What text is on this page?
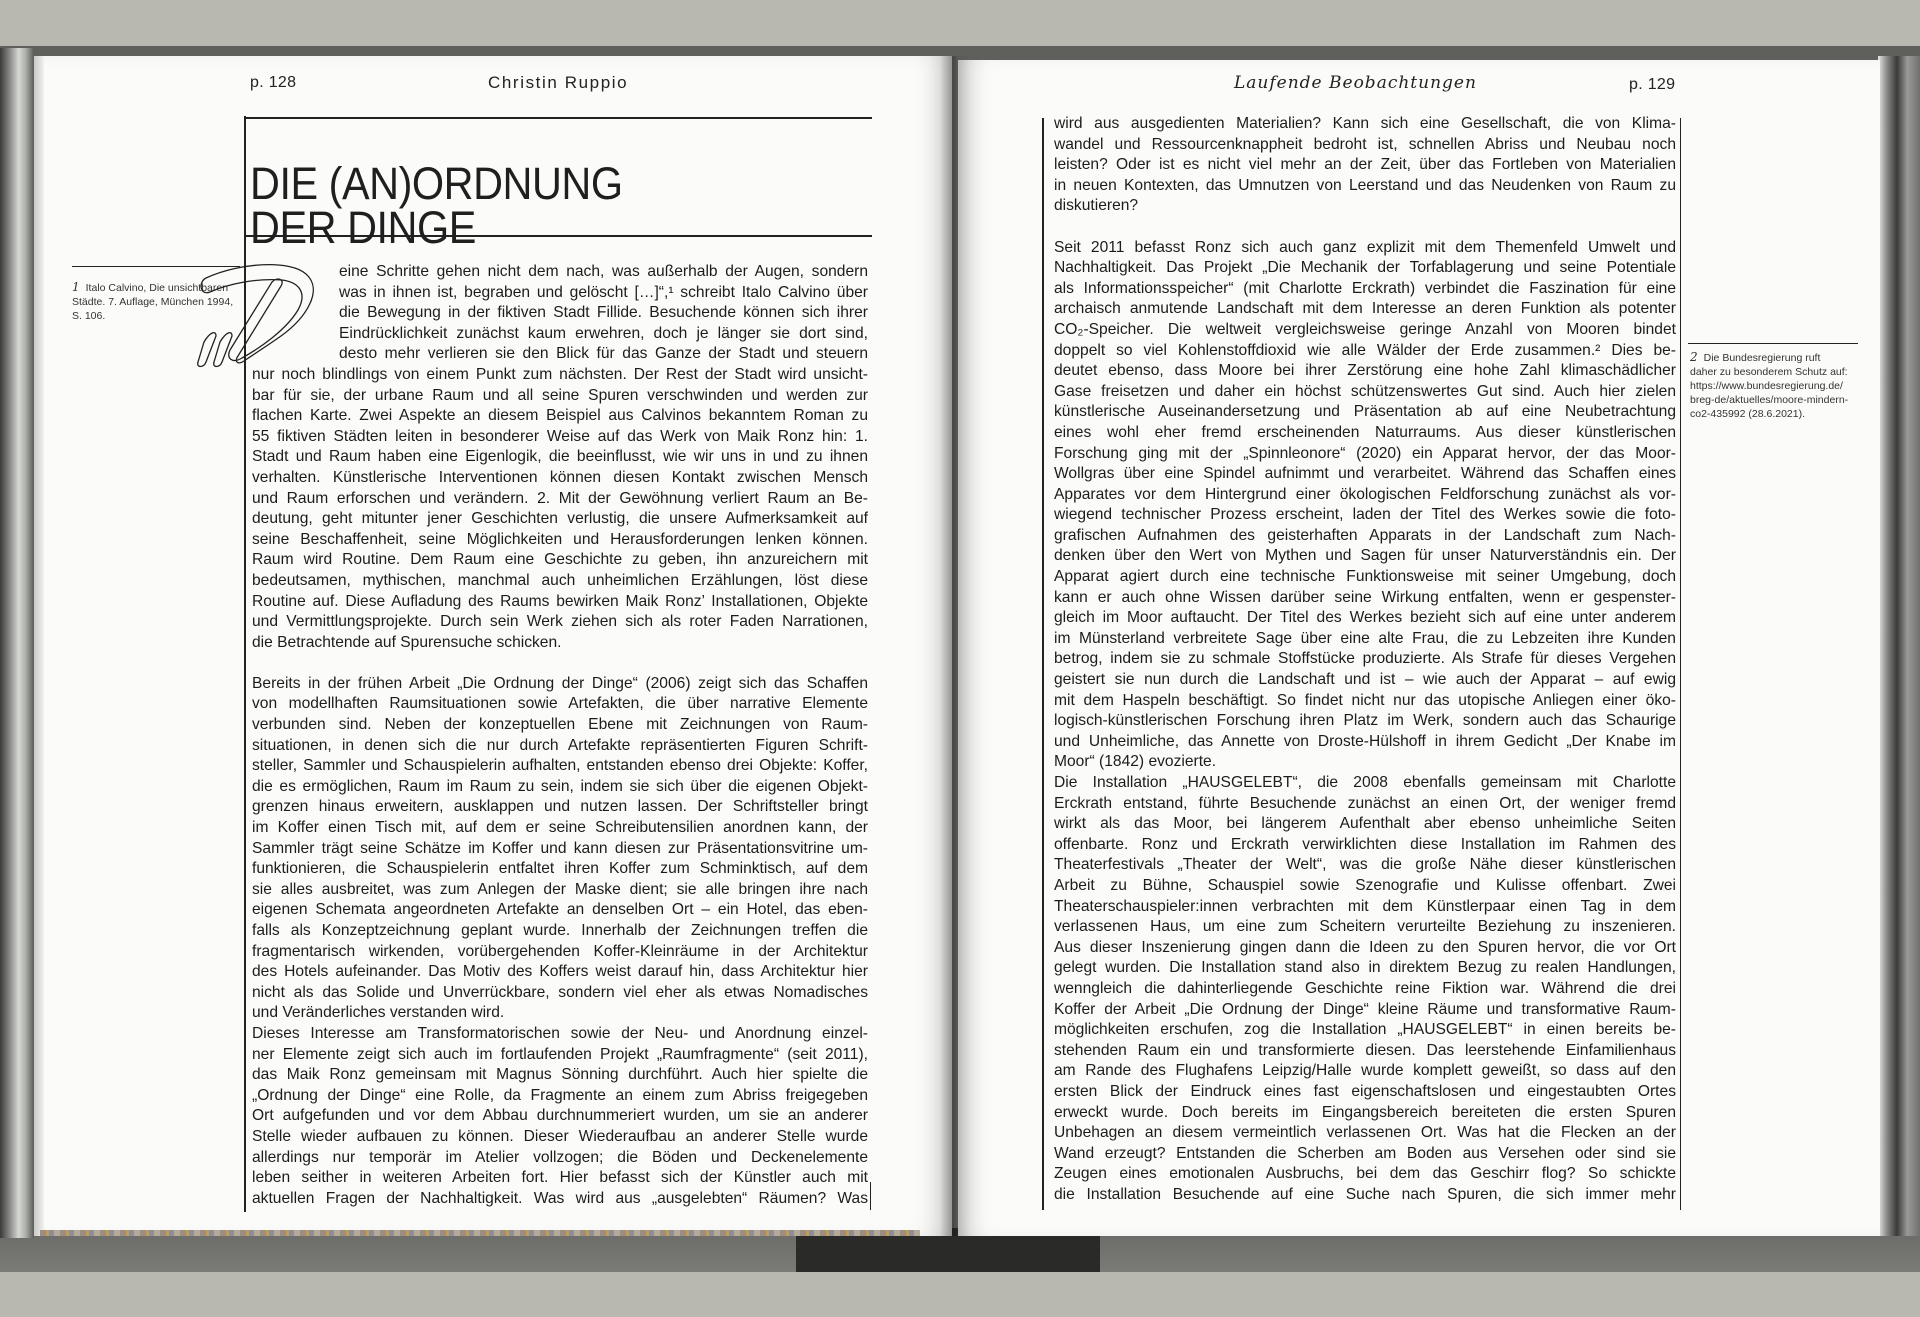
p. 128	Christin Ruppio	Laufende Beobachtungen	p. 129
DIE (AN)ORDNUNG
DER DINGE
1 Italo Calvino, Die unsichtbaren Städte. 7. Auflage, München 1994, S. 106.
2 Die Bundesregierung ruft
daher zu besonderem Schutz auf:
https://www.bundesregierung.de/
breg-de/aktuelles/moore-mindern-
co2-435992 (28.6.2021).
eine Schritte gehen nicht dem nach, was außerhalb der Augen, sondern
was in ihnen ist, begraben und gelöscht […]“,¹ schreibt Italo Calvino über
die Bewegung in der fiktiven Stadt Fillide. Besuchende können sich ihrer
Eindrücklichkeit zunächst kaum erwehren, doch je länger sie dort sind,
desto mehr verlieren sie den Blick für das Ganze der Stadt und steuern
nur noch blindlings von einem Punkt zum nächsten. Der Rest der Stadt wird unsicht-
bar für sie, der urbane Raum und all seine Spuren verschwinden und werden zur
flachen Karte. Zwei Aspekte an diesem Beispiel aus Calvinos bekanntem Roman zu
55 fiktiven Städten leiten in besonderer Weise auf das Werk von Maik Ronz hin: 1.
Stadt und Raum haben eine Eigenlogik, die beeinflusst, wie wir uns in und zu ihnen
verhalten. Künstlerische Interventionen können diesen Kontakt zwischen Mensch
und Raum erforschen und verändern. 2. Mit der Gewöhnung verliert Raum an Be-
deutung, geht mitunter jener Geschichten verlustig, die unsere Aufmerksamkeit auf
seine Beschaffenheit, seine Möglichkeiten und Herausforderungen lenken können.
Raum wird Routine. Dem Raum eine Geschichte zu geben, ihn anzureichern mit
bedeutsamen, mythischen, manchmal auch unheimlichen Erzählungen, löst diese
Routine auf. Diese Aufladung des Raums bewirken Maik Ronz’ Installationen, Objekte
und Vermittlungsprojekte. Durch sein Werk ziehen sich als roter Faden Narrationen,
die Betrachtende auf Spurensuche schicken.
Bereits in der frühen Arbeit „Die Ordnung der Dinge“ (2006) zeigt sich das Schaffen
von modellhaften Raumsituationen sowie Artefakten, die über narrative Elemente
verbunden sind. Neben der konzeptuellen Ebene mit Zeichnungen von Raum-
situationen, in denen sich die nur durch Artefakte repräsentierten Figuren Schrift-
steller, Sammler und Schauspielerin aufhalten, entstanden ebenso drei Objekte: Koffer,
die es ermöglichen, Raum im Raum zu sein, indem sie sich über die eigenen Objekt-
grenzen hinaus erweitern, ausklappen und nutzen lassen. Der Schriftsteller bringt
im Koffer einen Tisch mit, auf dem er seine Schreibutensilien anordnen kann, der
Sammler trägt seine Schätze im Koffer und kann diesen zur Präsentationsvitrine um-
funktionieren, die Schauspielerin entfaltet ihren Koffer zum Schminktisch, auf dem
sie alles ausbreitet, was zum Anlegen der Maske dient; sie alle bringen ihre nach
eigenen Schemata angeordneten Artefakte an denselben Ort – ein Hotel, das eben-
falls als Konzeptzeichnung geplant wurde. Innerhalb der Zeichnungen treffen die
fragmentarisch wirkenden, vorübergehenden Koffer-Kleinräume in der Architektur
des Hotels aufeinander. Das Motiv des Koffers weist darauf hin, dass Architektur hier
nicht als das Solide und Unverrückbare, sondern viel eher als etwas Nomadisches
und Veränderliches verstanden wird.
Dieses Interesse am Transformatorischen sowie der Neu- und Anordnung einzel-
ner Elemente zeigt sich auch im fortlaufenden Projekt „Raumfragmente“ (seit 2011),
das Maik Ronz gemeinsam mit Magnus Sönning durchführt. Auch hier spielte die
„Ordnung der Dinge“ eine Rolle, da Fragmente an einem zum Abriss freigegeben
Ort aufgefunden und vor dem Abbau durchnummeriert wurden, um sie an anderer
Stelle wieder aufbauen zu können. Dieser Wiederaufbau an anderer Stelle wurde
allerdings nur temporär im Atelier vollzogen; die Böden und Deckenelemente
leben seither in weiteren Arbeiten fort. Hier befasst sich der Künstler auch mit
aktuellen Fragen der Nachhaltigkeit. Was wird aus „ausgelebten“ Räumen? Was
wird aus ausgedienten Materialien? Kann sich eine Gesellschaft, die von Klima-
wandel und Ressourcenknappheit bedroht ist, schnellen Abriss und Neubau noch
leisten? Oder ist es nicht viel mehr an der Zeit, über das Fortleben von Materialien
in neuen Kontexten, das Umnutzen von Leerstand und das Neudenken von Raum zu
diskutieren?
Seit 2011 befasst Ronz sich auch ganz explizit mit dem Themenfeld Umwelt und
Nachhaltigkeit. Das Projekt „Die Mechanik der Torfablagerung und seine Potentiale
als Informationsspeicher“ (mit Charlotte Erckrath) verbindet die Faszination für eine
archaisch anmutende Landschaft mit dem Interesse an deren Funktion als potenter
CO₂-Speicher. Die weltweit vergleichsweise geringe Anzahl von Mooren bindet
doppelt so viel Kohlenstoffdioxid wie alle Wälder der Erde zusammen.² Dies be-
deutet ebenso, dass Moore bei ihrer Zerstörung eine hohe Zahl klimaschädlicher
Gase freisetzen und daher ein höchst schützenswertes Gut sind. Auch hier zielen
künstlerische Auseinandersetzung und Präsentation ab auf eine Neubetrachtung
eines wohl eher fremd erscheinenden Naturraums. Aus dieser künstlerischen
Forschung ging mit der „Spinnleonore“ (2020) ein Apparat hervor, der das Moor-
Wollgras über eine Spindel aufnimmt und verarbeitet. Während das Schaffen eines
Apparates vor dem Hintergrund einer ökologischen Feldforschung zunächst als vor-
wiegend technischer Prozess erscheint, laden der Titel des Werkes sowie die foto-
grafischen Aufnahmen des geisterhaften Apparats in der Landschaft zum Nach-
denken über den Wert von Mythen und Sagen für unser Naturverständnis ein. Der
Apparat agiert durch eine technische Funktionsweise mit seiner Umgebung, doch
kann er auch ohne Wissen darüber seine Wirkung entfalten, wenn er gespenster-
gleich im Moor auftaucht. Der Titel des Werkes bezieht sich auf eine unter anderem
im Münsterland verbreitete Sage über eine alte Frau, die zu Lebzeiten ihre Kunden
betrog, indem sie zu schmale Stoffstücke produzierte. Als Strafe für dieses Vergehen
geistert sie nun durch die Landschaft und ist – wie auch der Apparat – auf ewig
mit dem Haspeln beschäftigt. So findet nicht nur das utopische Anliegen einer öko-
logisch-künstlerischen Forschung ihren Platz im Werk, sondern auch das Schaurige
und Unheimliche, das Annette von Droste-Hülshoff in ihrem Gedicht „Der Knabe im
Moor“ (1842) evozierte.
Die Installation „HAUSGELEBT“, die 2008 ebenfalls gemeinsam mit Charlotte
Erckrath entstand, führte Besuchende zunächst an einen Ort, der weniger fremd
wirkt als das Moor, bei längerem Aufenthalt aber ebenso unheimliche Seiten
offenbarte. Ronz und Erckrath verwirklichten diese Installation im Rahmen des
Theaterfestivals „Theater der Welt“, was die große Nähe dieser künstlerischen
Arbeit zu Bühne, Schauspiel sowie Szenografie und Kulisse offenbart. Zwei
Theaterschauspieler:innen verbrachten mit dem Künstlerpaar einen Tag in dem
verlassenen Haus, um eine zum Scheitern verurteilte Beziehung zu inszenieren.
Aus dieser Inszenierung gingen dann die Ideen zu den Spuren hervor, die vor Ort
gelegt wurden. Die Installation stand also in direktem Bezug zu realen Handlungen,
wenngleich die dahinterliegende Geschichte reine Fiktion war. Während die drei
Koffer der Arbeit „Die Ordnung der Dinge“ kleine Räume und transformative Raum-
möglichkeiten erschufen, zog die Installation „HAUSGELEBT“ in einen bereits be-
stehenden Raum ein und transformierte diesen. Das leerstehende Einfamilienhaus
am Rande des Flughafens Leipzig/Halle wurde komplett geweißt, so dass auf den
ersten Blick der Eindruck eines fast eigenschaftslosen und eingestaubten Ortes
erweckt wurde. Doch bereits im Eingangsbereich bereiteten die ersten Spuren
Unbehagen an diesem vermeintlich verlassenen Ort. Was hat die Flecken an der
Wand erzeugt? Entstanden die Scherben am Boden aus Versehen oder sind sie
Zeugen eines emotionalen Ausbruchs, bei dem das Geschirr flog? So schickte
die Installation Besuchende auf eine Suche nach Spuren, die sich immer mehr
